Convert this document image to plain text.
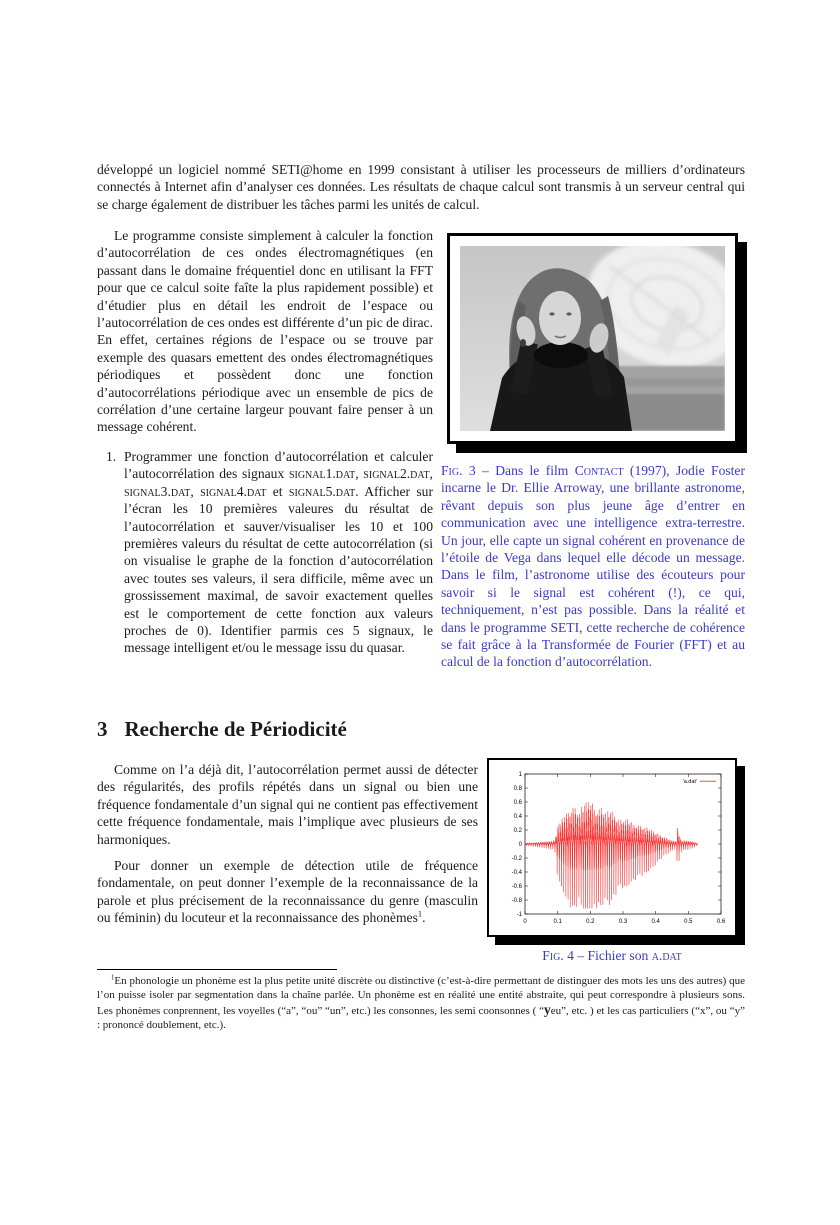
développé un logiciel nommé SETI@home en 1999 consistant à utiliser les processeurs de milliers d’ordinateurs connectés à Internet afin d’analyser ces données. Les résultats de chaque calcul sont transmis à un serveur central qui se charge également de distribuer les tâches parmi les unités de calcul.
Le programme consiste simplement à calculer la fonction d’autocorrélation de ces ondes électromagnétiques (en passant dans le domaine fréquentiel donc en utilisant la FFT pour que ce calcul soite faîte la plus rapidement possible) et d’étudier plus en détail les endroit de l’espace ou l’autocorrélation de ces ondes est différente d’un pic de dirac. En effet, certaines régions de l’espace ou se trouve par exemple des quasars emettent des ondes électromagnétiques périodiques et possèdent donc une fonction d’autocorrélations périodique avec un ensemble de pics de corrélation d’une certaine largeur pouvant faire penser à un message cohérent.
1. Programmer une fonction d’autocorrélation et calculer l’autocorrélation des signaux signal1.dat, signal2.dat, signal3.dat, signal4.dat et signal5.dat. Afficher sur l’écran les 10 premières valeures du résultat de l’autocorrélation et sauver/visualiser les 10 et 100 premières valeurs du résultat de cette autocorrélation (si on visualise le graphe de la fonction d’autocorrélation avec toutes ses valeurs, il sera difficile, même avec un grossissement maximal, de savoir exactement quelles est le comportement de cette fonction aux valeurs proches de 0). Identifier parmis ces 5 signaux, le message intelligent et/ou le message issu du quasar.
Fig. 3 – Dans le film Contact (1997), Jodie Foster incarne le Dr. Ellie Arroway, une brillante astronome, rêvant depuis son plus jeune âge d’entrer en communication avec une intelligence extra-terrestre. Un jour, elle capte un signal cohérent en provenance de l’étoile de Vega dans lequel elle décode un message. Dans le film, l’astronome utilise des écouteurs pour savoir si le signal est cohérent (!), ce qui, techniquement, n’est pas possible. Dans la réalité et dans le programme SETI, cette recherche de cohérence se fait grâce à la Transformée de Fourier (FFT) et au calcul de la fonction d’autocorrélation.
3 Recherche de Périodicité
Comme on l’a déjà dit, l’autocorrélation permet aussi de détecter des régularités, des profils répétés dans un signal ou bien une fréquence fondamentale d’un signal qui ne contient pas effectivement cette fréquence fondamentale, mais l’implique avec plusieurs de ses harmoniques.
Pour donner un exemple de détection utile de fréquence fondamentale, on peut donner l’exemple de la reconnaissance de la parole et plus précisement de la reconnaissance du genre (masculin ou féminin) du locuteur et la reconnaissance des phonèmes$^1$.	-1
-0.8
-0.6
-0.4
-0.2
0
0.2
0.4
0.6
0.8
1
0	0.1	0.2	0.3	0.4	0.5	0.6
'a.dat'
Fig. 4 – Fichier son a.dat
$^1$En phonologie un phonème est la plus petite unité discrète ou distinctive (c’est-à-dire permettant de distinguer des mots les uns des autres) que l’on puisse isoler par segmentation dans la chaîne parlée. Un phonème est en réalité une entité abstraite, qui peut correspondre à plusieurs sons. Les phonèmes conprennent, les voyelles (“a”, “ou” “un”, etc.) les consonnes, les semi coonsonnes ( “yeu”, etc. ) et les cas particuliers (“x”, ou “y” : prononcé doublement, etc.).
